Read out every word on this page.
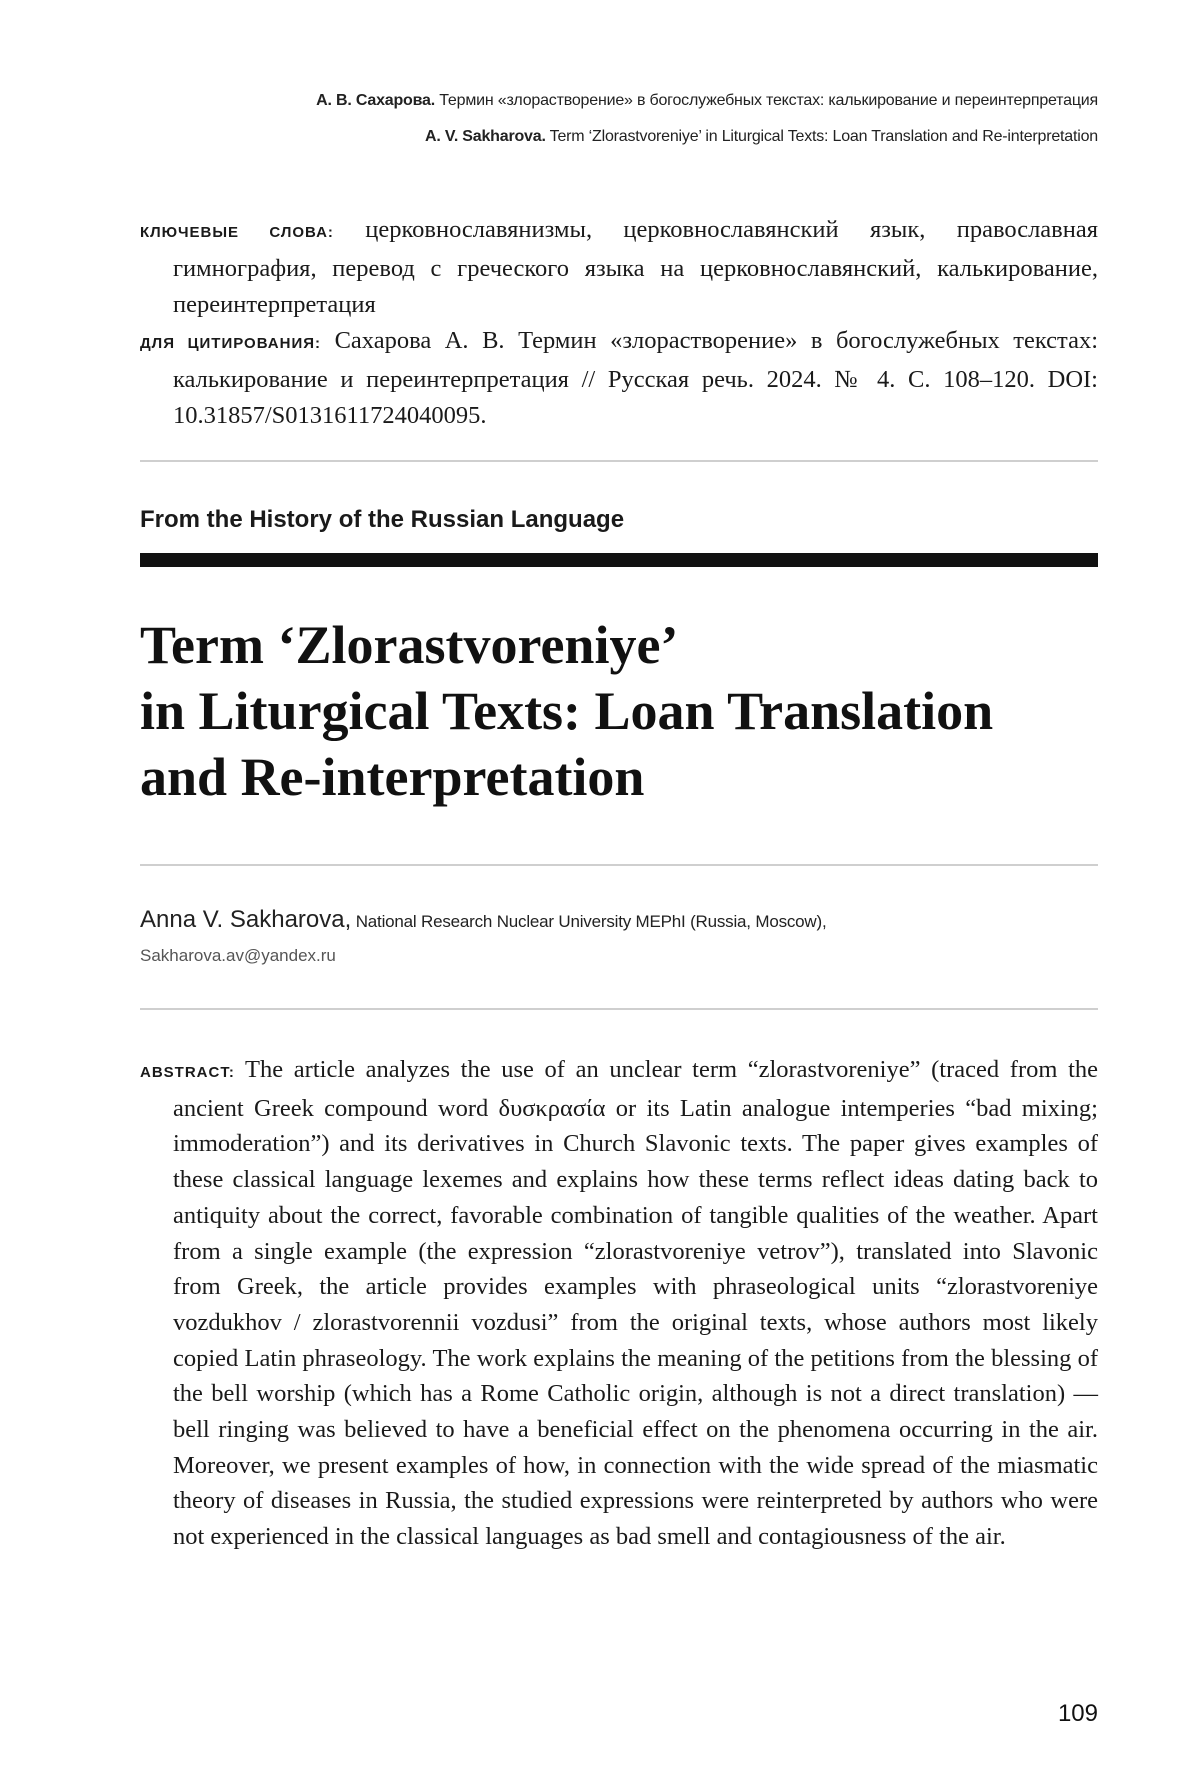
А. В. Сахарова. Термин «злорастворение» в богослужебных текстах: калькирование и переинтерпретация
A. V. Sakharova. Term ‘Zlorastvoreniye’ in Liturgical Texts: Loan Translation and Re-interpretation

КЛЮЧЕВЫЕ СЛОВА: церковнославянизмы, церковнославянский язык, православная гимнография, перевод с греческого языка на церковнославянский, калькирование, переинтерпретация

ДЛЯ ЦИТИРОВАНИЯ: Сахарова А. В. Термин «злорастворение» в богослужебных текстах: калькирование и переинтерпретация // Русская речь. 2024. № 4. С. 108–120. DOI: 10.31857/S0131611724040095.

From the History of the Russian Language
Term ‘Zlorastvoreniye’
in Liturgical Texts: Loan Translation
and Re-interpretation
Anna V. Sakharova, National Research Nuclear University MEPhI (Russia, Moscow),
Sakharova.av@yandex.ru

ABSTRACT: The article analyzes the use of an unclear term “zlorastvoreniye” (traced from the ancient Greek compound word δυσκρασία or its Latin analogue intemperies “bad mixing; immoderation”) and its derivatives in Church Slavonic texts. The paper gives examples of these classical language lexemes and explains how these terms reflect ideas dating back to antiquity about the correct, favorable combination of tangible qualities of the weather. Apart from a single example (the expression “zlorastvoreniye vetrov”), translated into Slavonic from Greek, the article provides examples with phraseological units “zlorastvoreniye vozdukhov / zlorastvorennii vozdusi” from the original texts, whose authors most likely copied Latin phraseology. The work explains the meaning of the petitions from the blessing of the bell worship (which has a Rome Catholic origin, although is not a direct translation) — bell ringing was believed to have a beneficial effect on the phenomena occurring in the air. Moreover, we present examples of how, in connection with the wide spread of the miasmatic theory of diseases in Russia, the studied expressions were reinterpreted by authors who were not experienced in the classical languages as bad smell and contagiousness of the air.

109
